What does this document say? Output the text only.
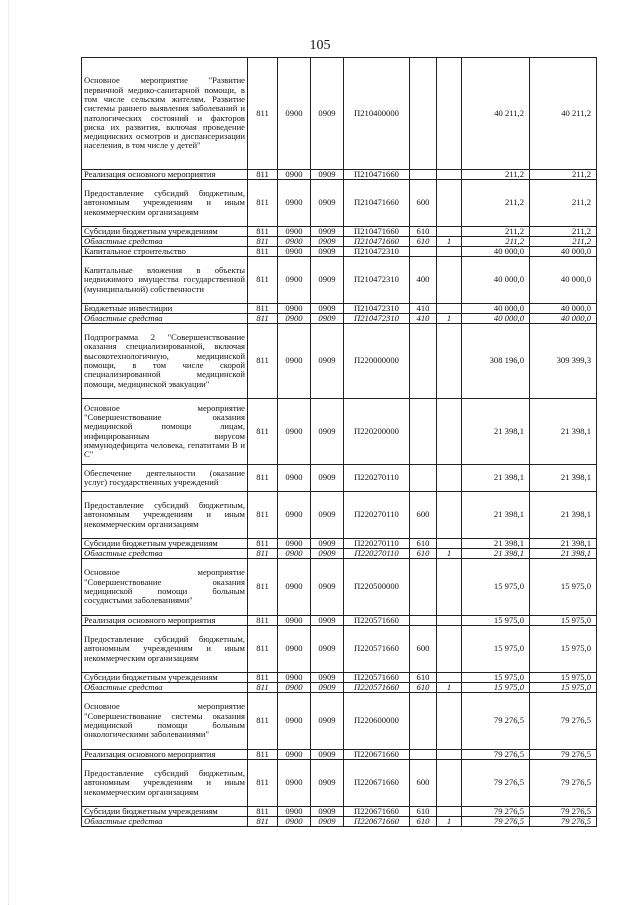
105
Основное мероприятие "Развитие первичной медико-санитарной помощи, в том числе сельским жителям. Развитие системы раннего выявления заболеваний и патологических состояний и факторов риска их развития, включая проведение медицинских осмотров и диспансеризации населения, в том числе у детей"	811	0900	0909	П210400000			40 211,2	40 211,2
Реализация основного мероприятия	811	0900	0909	П210471660			211,2	211,2
Предоставление субсидий бюджетным, автономным учреждениям и иным некоммерческим организациям	811	0900	0909	П210471660	600		211,2	211,2
Субсидии бюджетным учреждениям	811	0900	0909	П210471660	610		211,2	211,2
Областные средства	811	0900	0909	П210471660	610	1	211,2	211,2
Капитальное строительство	811	0900	0909	П210472310			40 000,0	40 000,0
Капитальные вложения в объекты недвижимого имущества государственной (муниципальной) собственности	811	0900	0909	П210472310	400		40 000,0	40 000,0
Бюджетные инвестиции	811	0900	0909	П210472310	410		40 000,0	40 000,0
Областные средства	811	0900	0909	П210472310	410	1	40 000,0	40 000,0
Подпрограмма 2 "Совершенствование оказания специализированной, включая высокотехнологичную, медицинской помощи, в том числе скорой специализированной медицинской помощи, медицинской эвакуации"	811	0900	0909	П220000000			308 196,0	309 399,3
Основное мероприятие "Совершенствование оказания медицинской помощи лицам, инфицированным вирусом иммунодефицита человека, гепатитами В и С"	811	0900	0909	П220200000			21 398,1	21 398,1
Обеспечение деятельности (оказание услуг) государственных учреждений	811	0900	0909	П220270110			21 398,1	21 398,1
Предоставление субсидий бюджетным, автономным учреждениям и иным некоммерческим организациям	811	0900	0909	П220270110	600		21 398,1	21 398,1
Субсидии бюджетным учреждениям	811	0900	0909	П220270110	610		21 398,1	21 398,1
Областные средства	811	0900	0909	П220270110	610	1	21 398,1	21 398,1
Основное мероприятие "Совершенствование оказания медицинской помощи больным сосудистыми заболеваниями"	811	0900	0909	П220500000			15 975,0	15 975,0
Реализация основного мероприятия	811	0900	0909	П220571660			15 975,0	15 975,0
Предоставление субсидий бюджетным, автономным учреждениям и иным некоммерческим организациям	811	0900	0909	П220571660	600		15 975,0	15 975,0
Субсидии бюджетным учреждениям	811	0900	0909	П220571660	610		15 975,0	15 975,0
Областные средства	811	0900	0909	П220571660	610	1	15 975,0	15 975,0
Основное мероприятие "Совершенствование системы оказания медицинской помощи больным онкологическими заболеваниями"	811	0900	0909	П220600000			79 276,5	79 276,5
Реализация основного мероприятия	811	0900	0909	П220671660			79 276,5	79 276,5
Предоставление субсидий бюджетным, автономным учреждениям и иным некоммерческим организациям	811	0900	0909	П220671660	600		79 276,5	79 276,5
Субсидии бюджетным учреждениям	811	0900	0909	П220671660	610		79 276,5	79 276,5
Областные средства	811	0900	0909	П220671660	610	1	79 276,5	79 276,5
